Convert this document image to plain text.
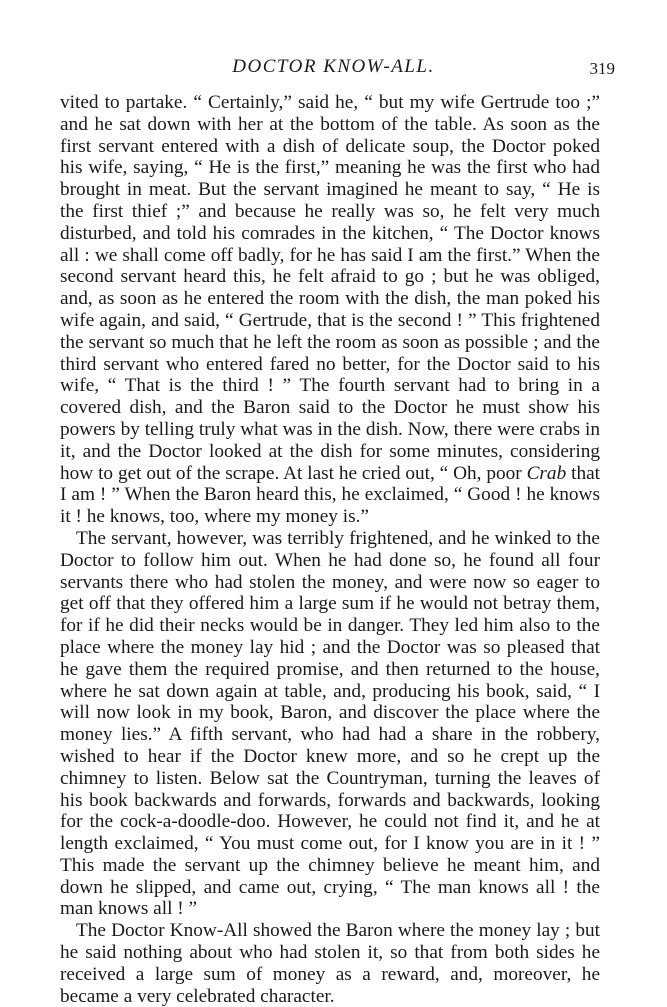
DOCTOR KNOW-ALL.	319

vited to partake. “ Certainly,” said he, “ but my wife Gertrude too ;” and he sat down with her at the bottom of the table. As soon as the first servant entered with a dish of delicate soup, the Doctor poked his wife, saying, “ He is the first,” meaning he was the first who had brought in meat. But the servant imagined he meant to say, “ He is the first thief ;” and because he really was so, he felt very much disturbed, and told his comrades in the kitchen, “ The Doctor knows all : we shall come off badly, for he has said I am the first.” When the second servant heard this, he felt afraid to go ; but he was obliged, and, as soon as he entered the room with the dish, the man poked his wife again, and said, “ Gertrude, that is the second ! ” This frightened the servant so much that he left the room as soon as possible ; and the third servant who entered fared no better, for the Doctor said to his wife, “ That is the third ! ” The fourth servant had to bring in a covered dish, and the Baron said to the Doctor he must show his powers by telling truly what was in the dish. Now, there were crabs in it, and the Doctor looked at the dish for some minutes, considering how to get out of the scrape. At last he cried out, “ Oh, poor Crab that I am ! ” When the Baron heard this, he exclaimed, “ Good ! he knows it ! he knows, too, where my money is.”

The servant, however, was terribly frightened, and he winked to the Doctor to follow him out. When he had done so, he found all four servants there who had stolen the money, and were now so eager to get off that they offered him a large sum if he would not betray them, for if he did their necks would be in danger. They led him also to the place where the money lay hid ; and the Doctor was so pleased that he gave them the required promise, and then returned to the house, where he sat down again at table, and, producing his book, said, “ I will now look in my book, Baron, and discover the place where the money lies.” A fifth servant, who had had a share in the robbery, wished to hear if the Doctor knew more, and so he crept up the chimney to listen. Below sat the Countryman, turning the leaves of his book backwards and forwards, forwards and backwards, looking for the cock-a-doodle-doo. However, he could not find it, and he at length exclaimed, “ You must come out, for I know you are in it ! ” This made the servant up the chimney believe he meant him, and down he slipped, and came out, crying, “ The man knows all ! the man knows all ! ”

The Doctor Know-All showed the Baron where the money lay ; but he said nothing about who had stolen it, so that from both sides he received a large sum of money as a reward, and, moreover, he became a very celebrated character.
